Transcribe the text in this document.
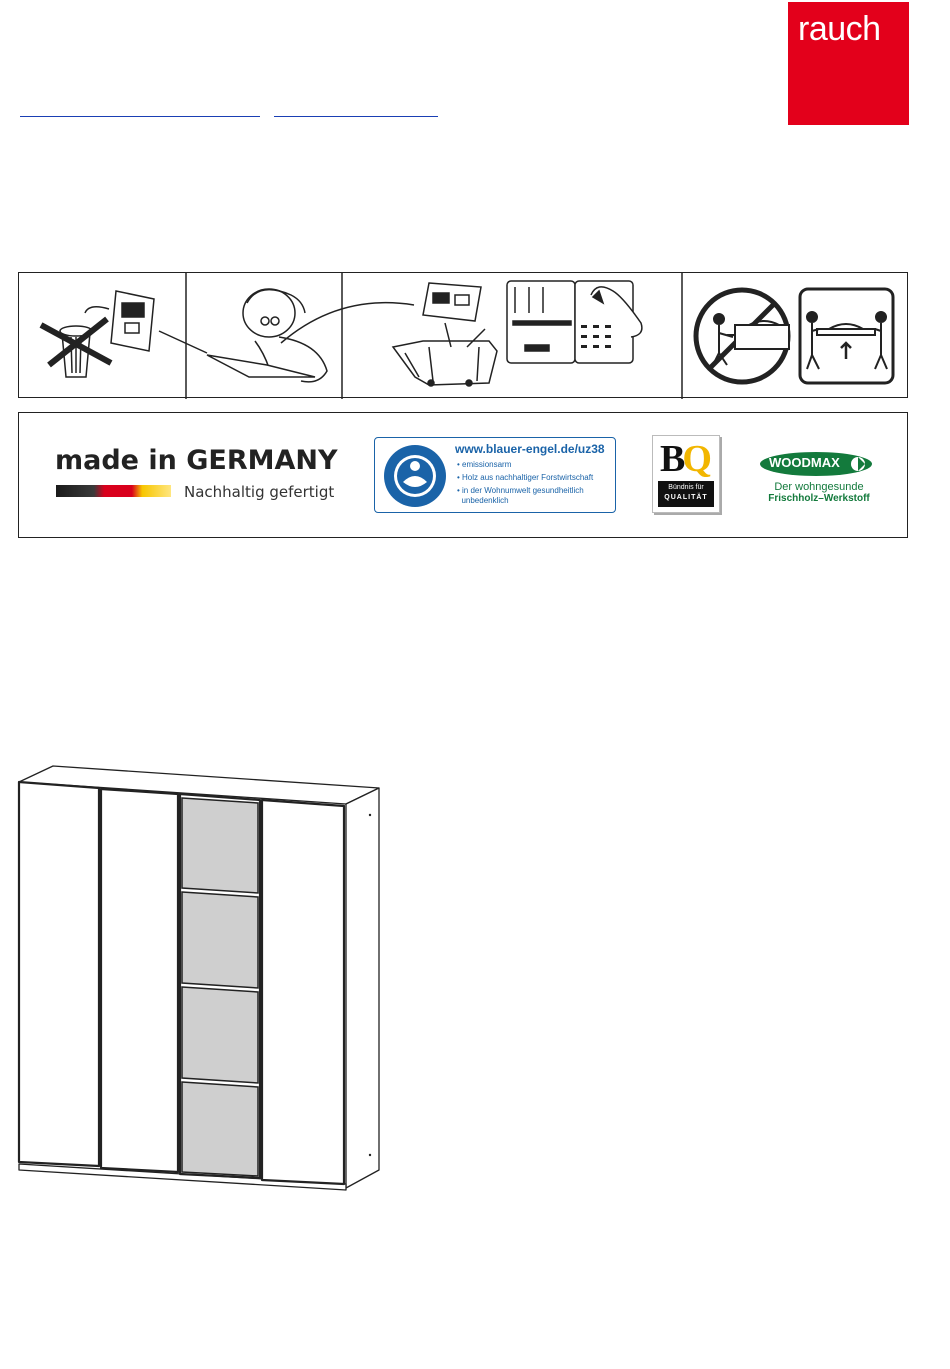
rauch
made in GERMANY
Nachhaltig gefertigt
www.blauer-engel.de/uz38
• emissionsarm
• Holz aus nachhaltiger Forstwirtschaft
• in der Wohnumwelt gesundheitlich
unbedenklich
BQ
Bündnis für
QUALITÄT
WOODMAX
Der wohngesunde
Frischholz–Werkstoff
